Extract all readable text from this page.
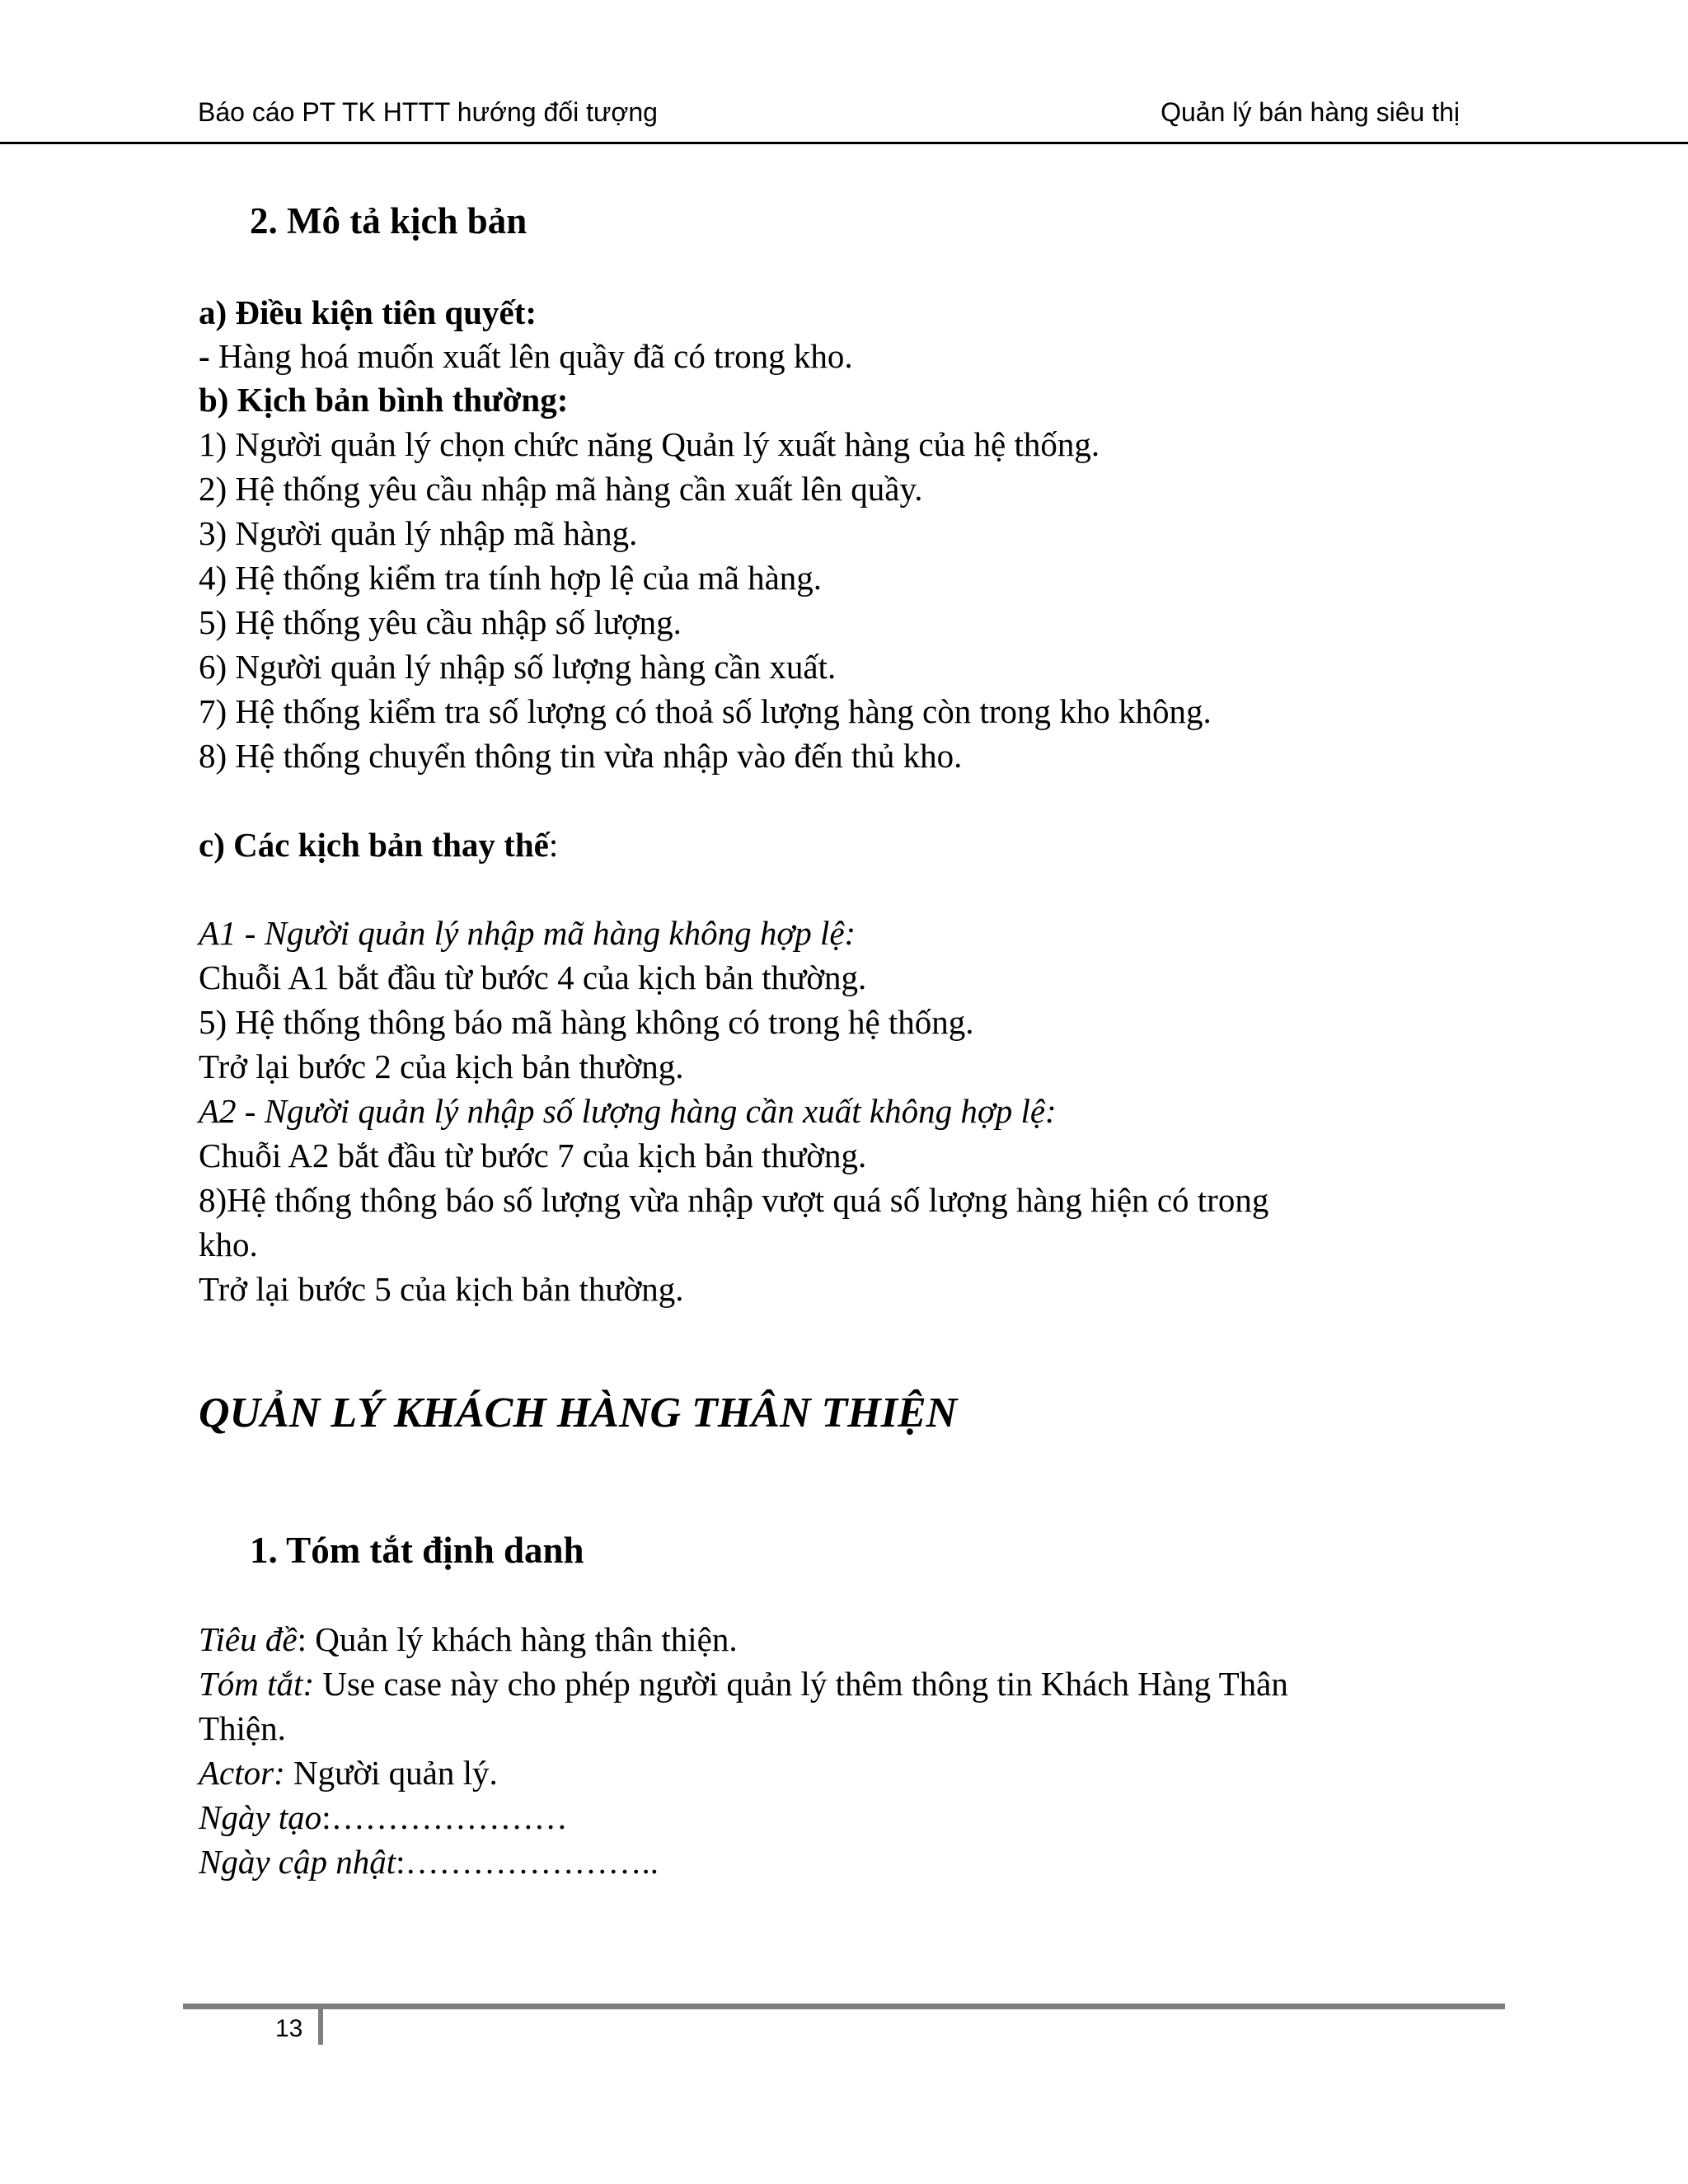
Báo cáo PT TK HTTT hướng đối tượng	Quản lý bán hàng siêu thị
2. Mô tả kịch bản
a) Điều kiện tiên quyết:
- Hàng hoá muốn xuất lên quầy đã có trong kho.
b) Kịch bản bình thường:
1) Người quản lý chọn chức năng Quản lý xuất hàng của hệ thống.
2) Hệ thống yêu cầu nhập mã hàng cần xuất lên quầy.
3) Người quản lý nhập mã hàng.
4) Hệ thống kiểm tra tính hợp lệ của mã hàng.
5) Hệ thống yêu cầu nhập số lượng.
6) Người quản lý nhập số lượng hàng cần xuất.
7) Hệ thống kiểm tra số lượng có thoả số lượng hàng còn trong kho không.
8) Hệ thống chuyển thông tin vừa nhập vào đến thủ kho.
c) Các kịch bản thay thế:
A1 - Người quản lý nhập mã hàng không hợp lệ:
Chuỗi A1 bắt đầu từ bước 4 của kịch bản thường.
5) Hệ thống thông báo mã hàng không có trong hệ thống.
Trở lại bước 2 của kịch bản thường.
A2 - Người quản lý nhập số lượng hàng cần xuất không hợp lệ:
Chuỗi A2 bắt đầu từ bước 7 của kịch bản thường.
8)Hệ thống thông báo số lượng vừa nhập vượt quá số lượng hàng hiện có trong
kho.
Trở lại bước 5 của kịch bản thường.
QUẢN LÝ KHÁCH HÀNG THÂN THIỆN
1. Tóm tắt định danh
Tiêu đề: Quản lý khách hàng thân thiện.
Tóm tắt: Use case này cho phép người quản lý thêm thông tin Khách Hàng Thân
Thiện.
Actor: Người quản lý.
Ngày tạo:…………………
Ngày cập nhật:…………………..
13
